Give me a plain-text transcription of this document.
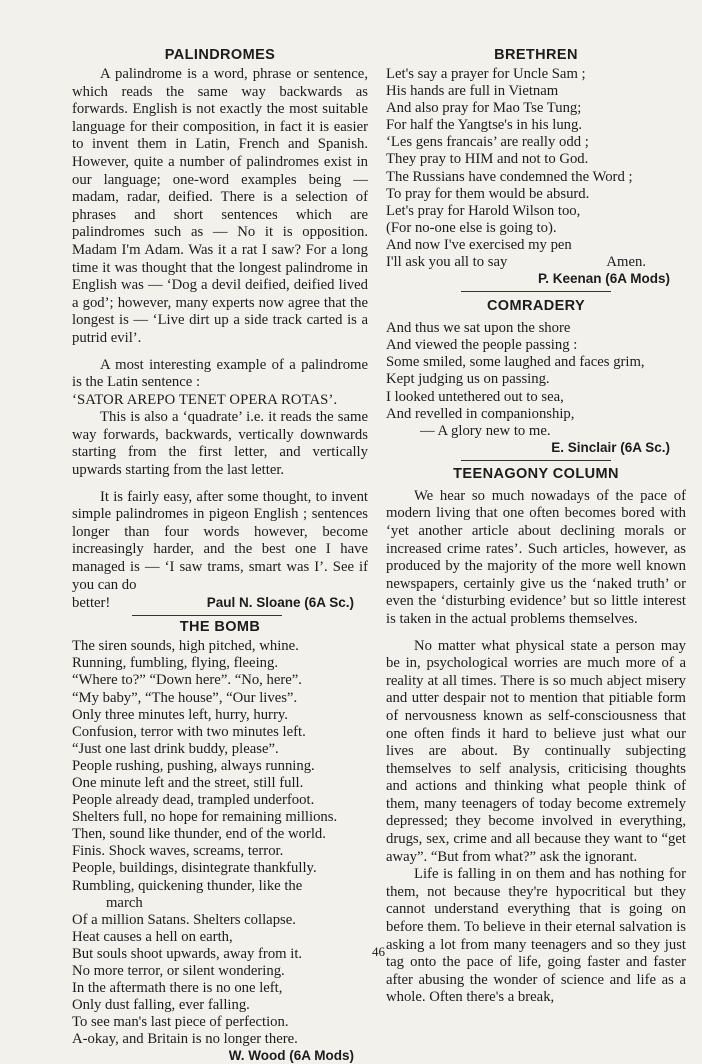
PALINDROMES

A palindrome is a word, phrase or sentence, which reads the same way backwards as forwards. English is not exactly the most suitable language for their composition, in fact it is easier to invent them in Latin, French and Spanish. However, quite a number of palindromes exist in our language; one-word examples being — madam, radar, deified. There is a selection of phrases and short sentences which are palindromes such as — No it is opposition. Madam I'm Adam. Was it a rat I saw? For a long time it was thought that the longest palindrome in English was — ‘Dog a devil deified, deified lived a god’; however, many experts now agree that the longest is — ‘Live dirt up a side track carted is a putrid evil’.

A most interesting example of a palindrome is the Latin sentence :

‘SATOR AREPO TENET OPERA ROTAS’.

This is also a ‘quadrate’ i.e. it reads the same way forwards, backwards, vertically downwards starting from the first letter, and vertically upwards starting from the last letter.

It is fairly easy, after some thought, to invent simple palindromes in pigeon English ; sentences longer than four words however, become increasingly harder, and the best one I have managed is — ‘I saw trams, smart was I’. See if you can do

better!	Paul N. Sloane (6A Sc.)
THE BOMB
The siren sounds, high pitched, whine.
Running, fumbling, flying, fleeing.
“Where to?” “Down here”. “No, here”.
“My baby”, “The house”, “Our lives”.
Only three minutes left, hurry, hurry.
Confusion, terror with two minutes left.
“Just one last drink buddy, please”.
People rushing, pushing, always running.
One minute left and the street, still full.
People already dead, trampled underfoot.
Shelters full, no hope for remaining millions.
Then, sound like thunder, end of the world.
Finis. Shock waves, screams, terror.
People, buildings, disintegrate thankfully.
Rumbling, quickening thunder, like the
march
Of a million Satans. Shelters collapse.
Heat causes a hell on earth,
But souls shoot upwards, away from it.
No more terror, or silent wondering.
In the aftermath there is no one left,
Only dust falling, ever falling.
To see man's last piece of perfection.
A-okay, and Britain is no longer there.
W. Wood (6A Mods)
BRETHREN
Let's say a prayer for Uncle Sam ;
His hands are full in Vietnam
And also pray for Mao Tse Tung;
For half the Yangtse's in his lung.
‘Les gens francais’ are really odd ;
They pray to HIM and not to God.
The Russians have condemned the Word ;
To pray for them would be absurd.
Let's pray for Harold Wilson too,
(For no-one else is going to).
And now I've exercised my pen
I'll ask you all to say	Amen.
P. Keenan (6A Mods)
COMRADERY
And thus we sat upon the shore
And viewed the people passing :
Some smiled, some laughed and faces grim,
Kept judging us on passing.
I looked untethered out to sea,
And revelled in companionship,
— A glory new to me.
E. Sinclair (6A Sc.)
TEENAGONY COLUMN

We hear so much nowadays of the pace of modern living that one often becomes bored with ‘yet another article about declining morals or increased crime rates’. Such articles, however, as produced by the majority of the more well known newspapers, certainly give us the ‘naked truth’ or even the ‘disturbing evidence’ but so little interest is taken in the actual problems themselves.

No matter what physical state a person may be in, psychological worries are much more of a reality at all times. There is so much abject misery and utter despair not to mention that pitiable form of nervousness known as self-consciousness that one often finds it hard to believe just what our lives are about. By continually subjecting themselves to self analysis, criticising thoughts and actions and thinking what people think of them, many teenagers of today become extremely depressed; they become involved in everything, drugs, sex, crime and all because they want to “get away”. “But from what?” ask the ignorant.

Life is falling in on them and has nothing for them, not because they're hypocritical but they cannot understand everything that is going on before them. To believe in their eternal salvation is asking a lot from many teenagers and so they just tag onto the pace of life, going faster and faster after abusing the wonder of science and life as a whole. Often there's a break,

46
